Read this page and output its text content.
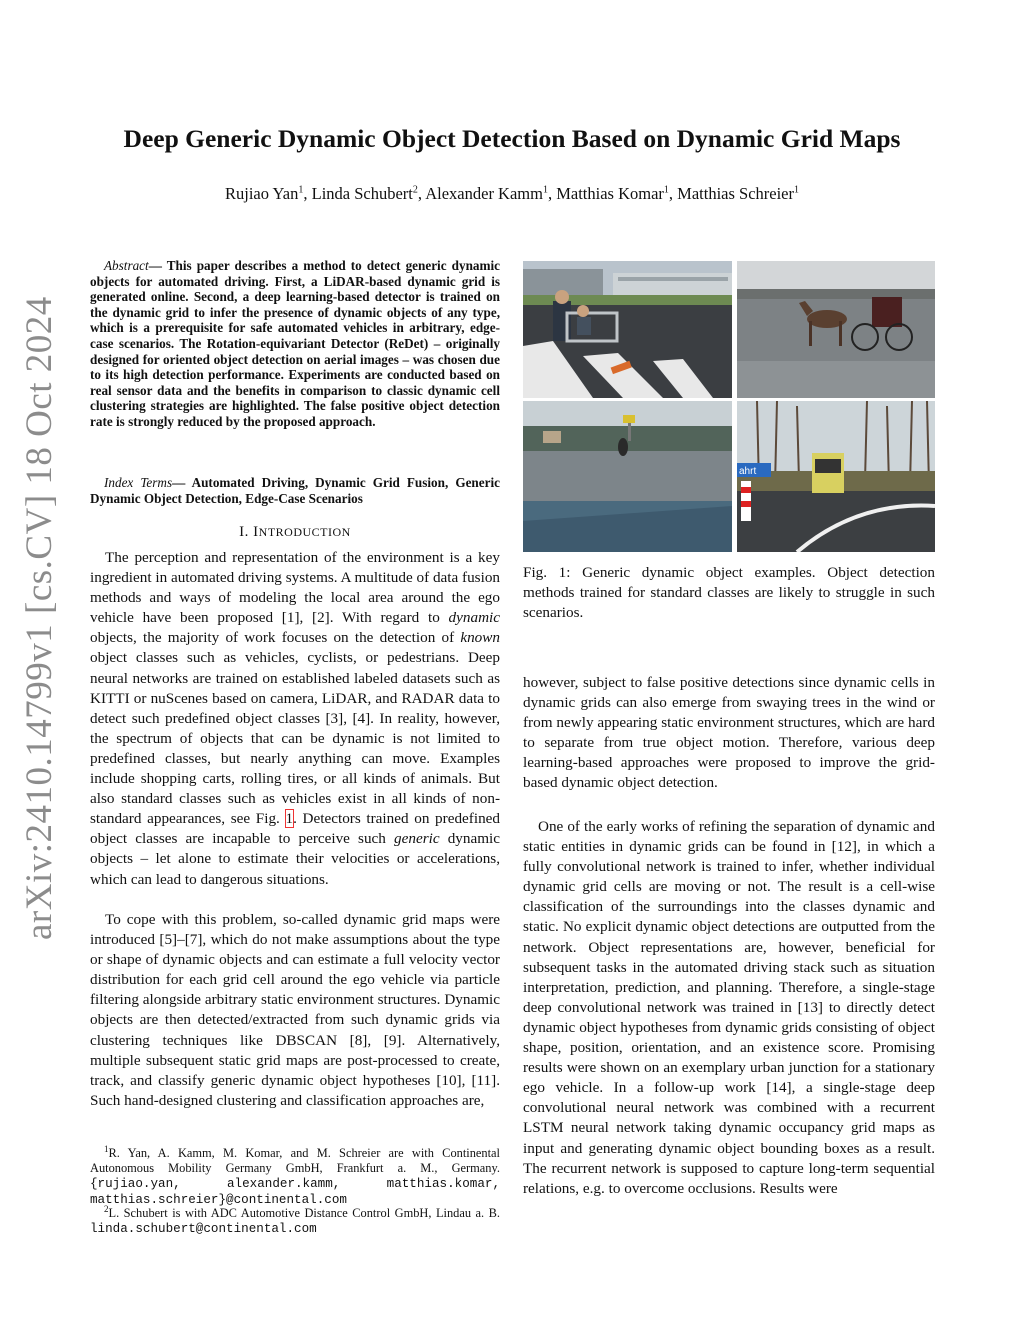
arXiv:2410.14799v1 [cs.CV] 18 Oct 2024
Deep Generic Dynamic Object Detection Based on Dynamic Grid Maps
Rujiao Yan$^1$, Linda Schubert$^2$, Alexander Kamm$^1$, Matthias Komar$^1$, Matthias Schreier$^1$

Abstract— This paper describes a method to detect generic dynamic objects for automated driving. First, a LiDAR-based dynamic grid is generated online. Second, a deep learning-based detector is trained on the dynamic grid to infer the presence of dynamic objects of any type, which is a prerequisite for safe automated vehicles in arbitrary, edge-case scenarios. The Rotation-equivariant Detector (ReDet) – originally designed for oriented object detection on aerial images – was chosen due to its high detection performance. Experiments are conducted based on real sensor data and the benefits in comparison to classic dynamic cell clustering strategies are highlighted. The false positive object detection rate is strongly reduced by the proposed approach.

Index Terms— Automated Driving, Dynamic Grid Fusion, Generic Dynamic Object Detection, Edge-Case Scenarios

I. INTRODUCTION

The perception and representation of the environment is a key ingredient in automated driving systems. A multitude of data fusion methods and ways of modeling the local area around the ego vehicle have been proposed [1], [2]. With regard to dynamic objects, the majority of work focuses on the detection of known object classes such as vehicles, cyclists, or pedestrians. Deep neural networks are trained on established labeled datasets such as KITTI or nuScenes based on camera, LiDAR, and RADAR data to detect such predefined object classes [3], [4]. In reality, however, the spectrum of objects that can be dynamic is not limited to predefined classes, but nearly anything can move. Examples include shopping carts, rolling tires, or all kinds of animals. But also standard classes such as vehicles exist in all kinds of non-standard appearances, see Fig. 1. Detectors trained on predefined object classes are incapable to perceive such generic dynamic objects – let alone to estimate their velocities or accelerations, which can lead to dangerous situations.

To cope with this problem, so-called dynamic grid maps were introduced [5]–[7], which do not make assumptions about the type or shape of dynamic objects and can estimate a full velocity vector distribution for each grid cell around the ego vehicle via particle filtering alongside arbitrary static environment structures. Dynamic objects are then detected/extracted from such dynamic grids via clustering techniques like DBSCAN [8], [9]. Alternatively, multiple subsequent static grid maps are post-processed to create, track, and classify generic dynamic object hypotheses [10], [11]. Such hand-designed clustering and classification approaches are,

$^1$R. Yan, A. Kamm, M. Komar, and M. Schreier are with Continental Autonomous Mobility Germany GmbH, Frankfurt a. M., Germany. {rujiao.yan, alexander.kamm, matthias.komar, matthias.schreier}@continental.com

$^2$L. Schubert is with ADC Automotive Distance Control GmbH, Lindau a. B. linda.schubert@continental.com

ahrt

Fig. 1: Generic dynamic object examples. Object detection methods trained for standard classes are likely to struggle in such scenarios.

however, subject to false positive detections since dynamic cells in dynamic grids can also emerge from swaying trees in the wind or from newly appearing static environment structures, which are hard to separate from true object motion. Therefore, various deep learning-based approaches were proposed to improve the grid-based dynamic object detection.

One of the early works of refining the separation of dynamic and static entities in dynamic grids can be found in [12], in which a fully convolutional network is trained to infer, whether individual dynamic grid cells are moving or not. The result is a cell-wise classification of the surroundings into the classes dynamic and static. No explicit dynamic object detections are outputted from the network. Object representations are, however, beneficial for subsequent tasks in the automated driving stack such as situation interpretation, prediction, and planning. Therefore, a single-stage deep convolutional network was trained in [13] to directly detect dynamic object hypotheses from dynamic grids consisting of object shape, position, orientation, and an existence score. Promising results were shown on an exemplary urban junction for a stationary ego vehicle. In a follow-up work [14], a single-stage deep convolutional neural network was combined with a recurrent LSTM neural network taking dynamic occupancy grid maps as input and generating dynamic object bounding boxes as a result. The recurrent network is supposed to capture long-term sequential relations, e.g. to overcome occlusions. Results were
